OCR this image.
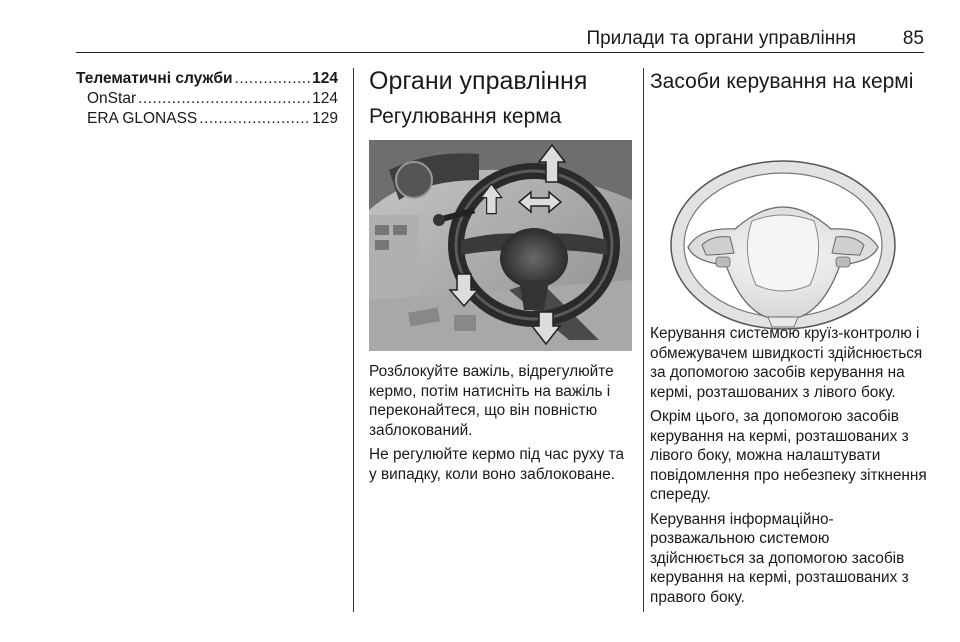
Прилади та органи управління 85
Телематичні служби .....	124
OnStar .....	124
ERA GLONASS .....	129
Органи управління
Регулювання керма

Розблокуйте важіль, відрегулюйте кермо, потім натисніть на важіль і переконайтеся, що він повністю заблокований.

Не регулюйте кермо під час руху та у випадку, коли воно заблоковане.

Засоби керування на кермі

Керування системою круїз-контролю і обмежувачем швидкості здійснюється за допомогою засобів керування на кермі, розташованих з лівого боку.

Окрім цього, за допомогою засобів керування на кермі, розташованих з лівого боку, можна налаштувати повідомлення про небезпеку зіткнення спереду.

Керування інформаційно-розважальною системою здійснюється за допомогою засобів керування на кермі, розташованих з правого боку.
